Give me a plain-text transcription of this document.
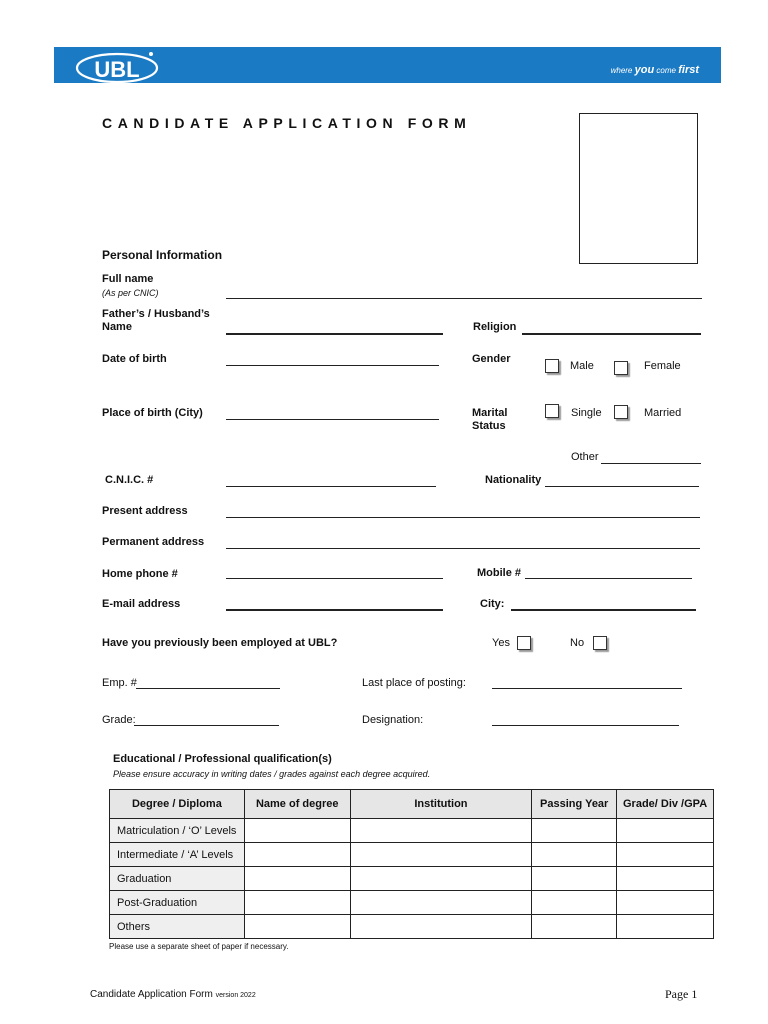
UBL	where you come first
CANDIDATE APPLICATION FORM
Personal Information
Full name
(As per CNIC)
Father’s / Husband’s
Name	Religion
Date of birth	Gender
Male	Female
Place of birth (City)	Marital
Status
Single	Married
Other
C.N.I.C. #	Nationality
Present address
Permanent address
Home phone #	Mobile #
E-mail address	City:
Have you previously been employed at UBL?	Yes	No
Emp. #	Last place of posting:
Grade:	Designation:
Educational / Professional qualification(s)
Please ensure accuracy in writing dates / grades against each degree acquired.
Degree / Diploma	Name of degree	Institution	Passing Year	Grade/ Div /GPA
Matriculation / ‘O’ Levels				
Intermediate / ‘A’ Levels				
Graduation				
Post-Graduation				
Others				
Please use a separate sheet of paper if necessary.
Candidate Application Form version 2022	Page 1
